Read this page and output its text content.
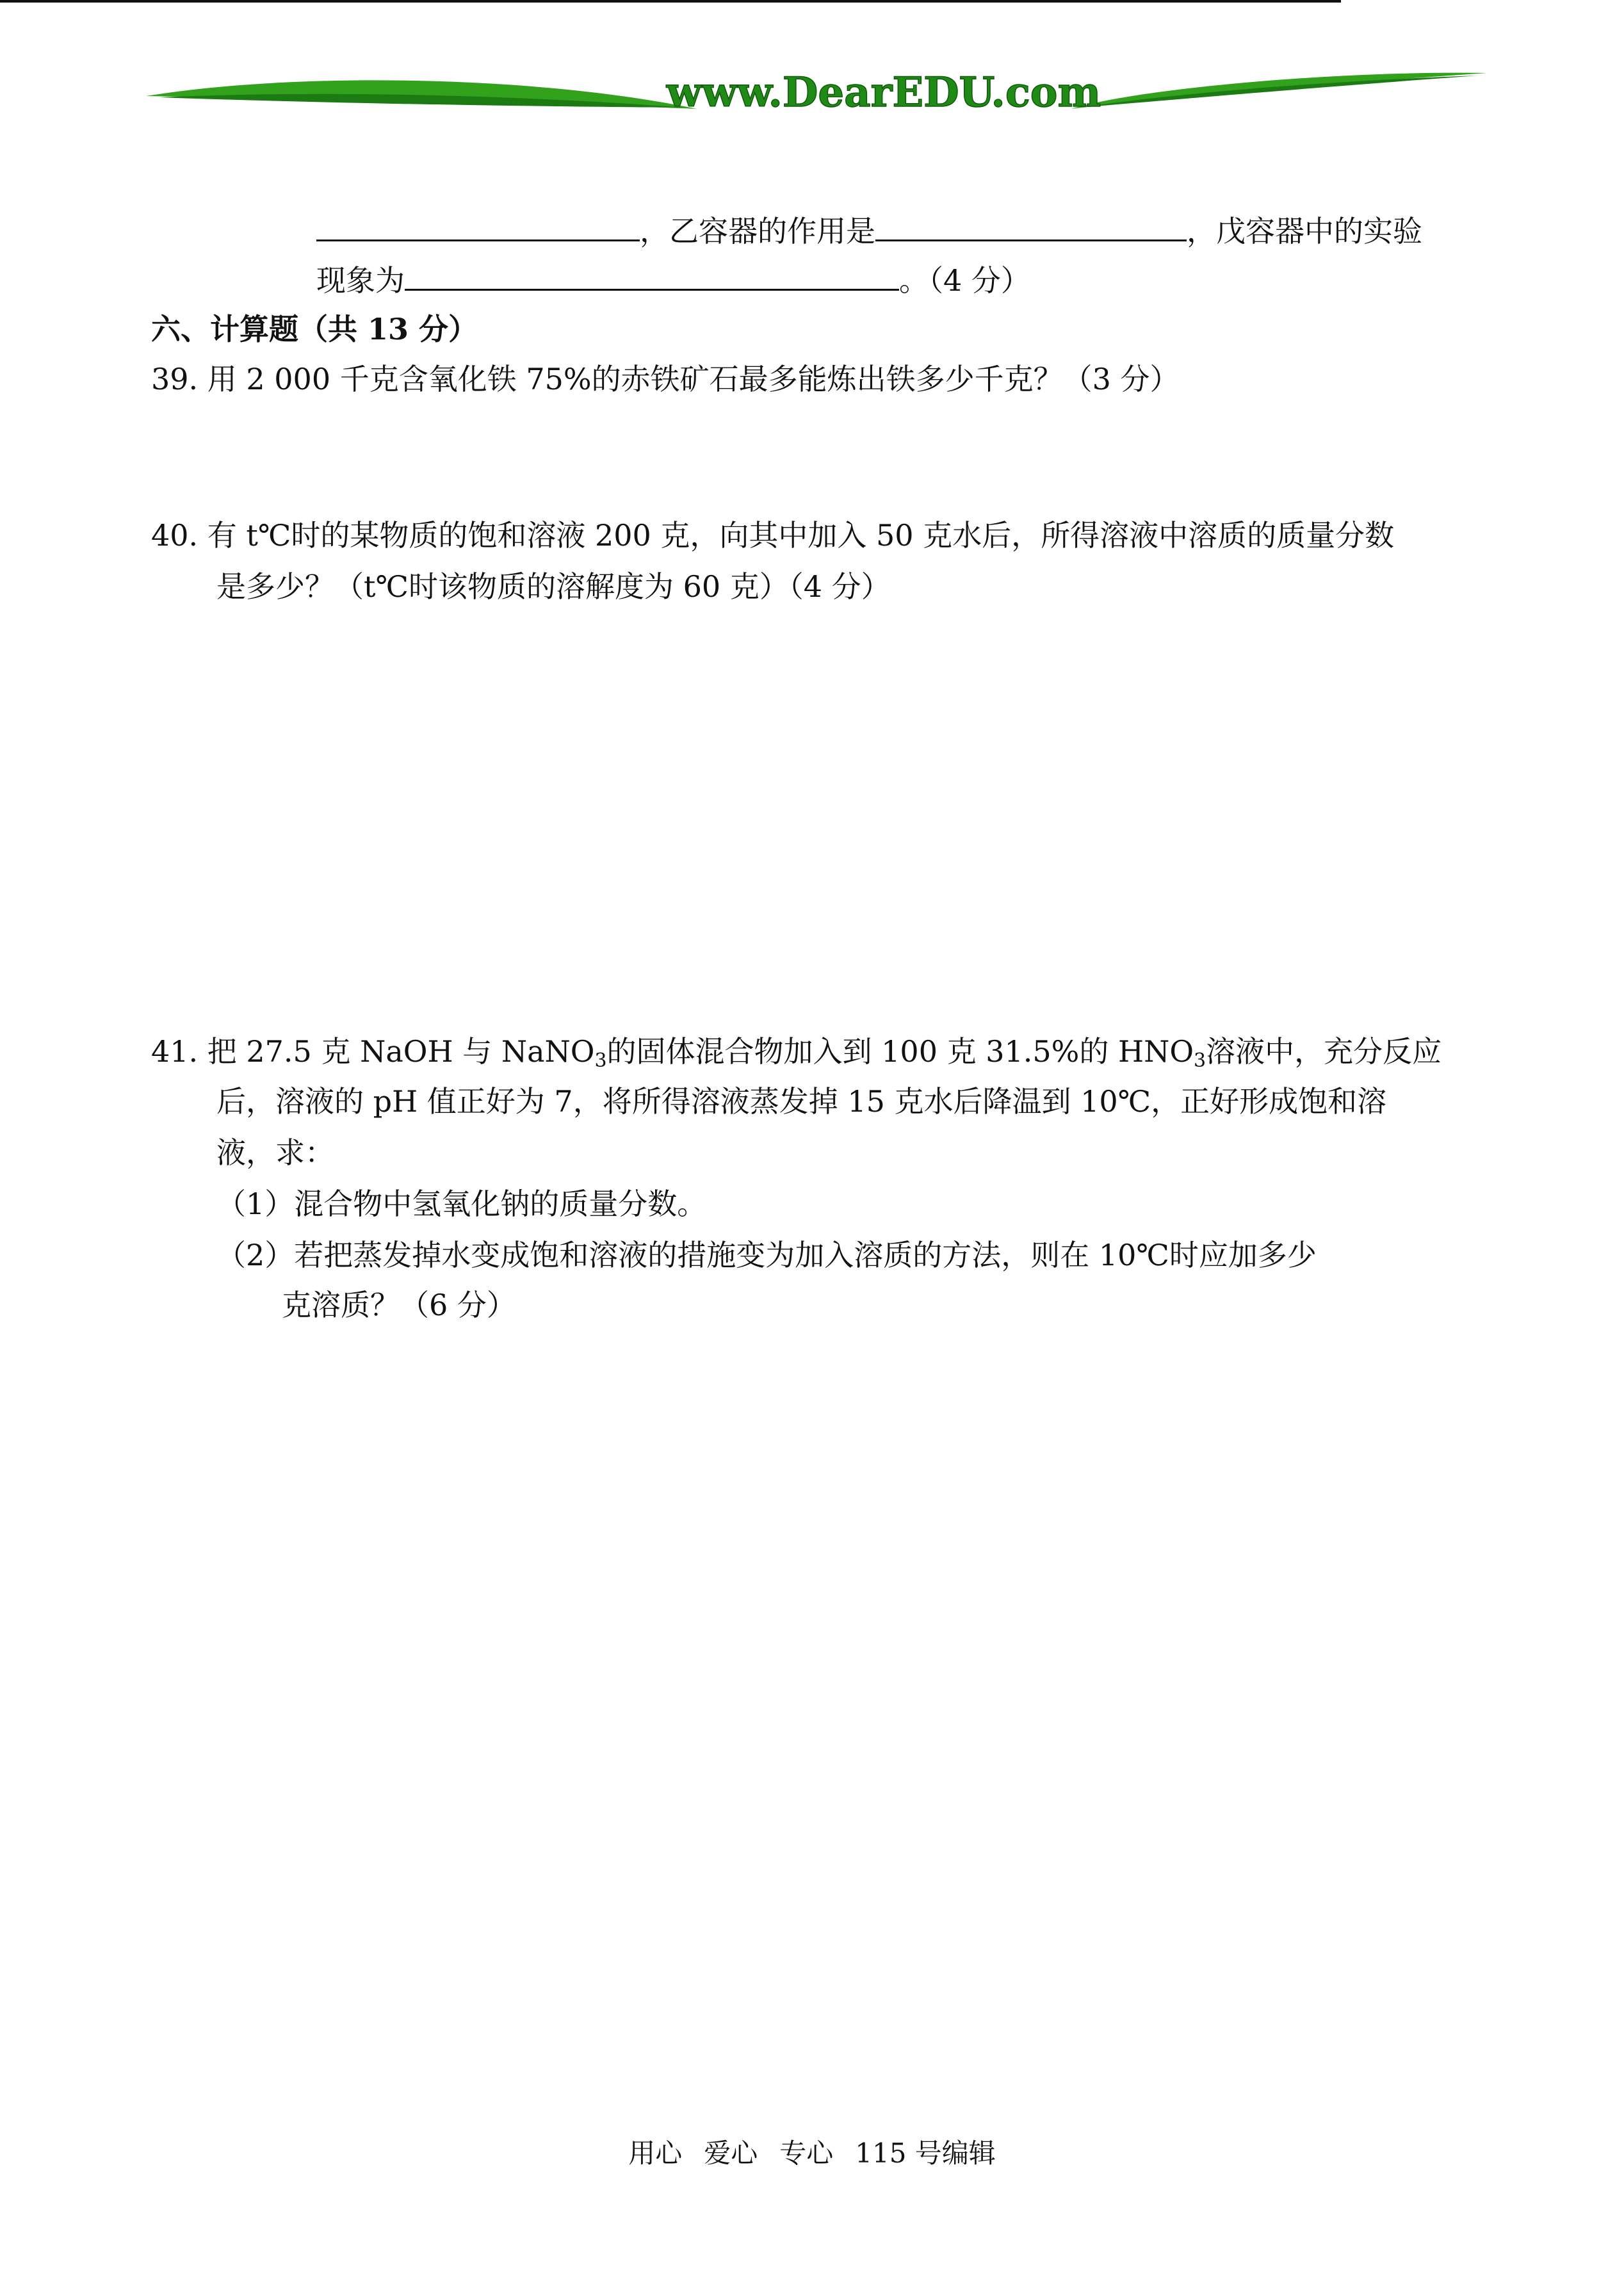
www.DearEDU.com
，乙容器的作用是	，戊容器中的实验
现象为	。（4 分）
六、计算题（共 13 分）
39. 用 2 000 千克含氧化铁 75%的赤铁矿石最多能炼出铁多少千克？（3 分）
40. 有 t℃时的某物质的饱和溶液 200 克，向其中加入 50 克水后，所得溶液中溶质的质量分数
是多少？（t℃时该物质的溶解度为 60 克）（4 分）
41. 把 27.5 克 NaOH 与 NaNO$_3$的固体混合物加入到 100 克 31.5%的 $HNO_3$溶液中，充分反应
后，溶液的 pH 值正好为 7，将所得溶液蒸发掉 15 克水后降温到 10℃，正好形成饱和溶
液，求：
（1）混合物中氢氧化钠的质量分数。
（2）若把蒸发掉水变成饱和溶液的措施变为加入溶质的方法，则在 10℃时应加多少
克溶质？（6 分）
用心 爱心 专心 115 号编辑
